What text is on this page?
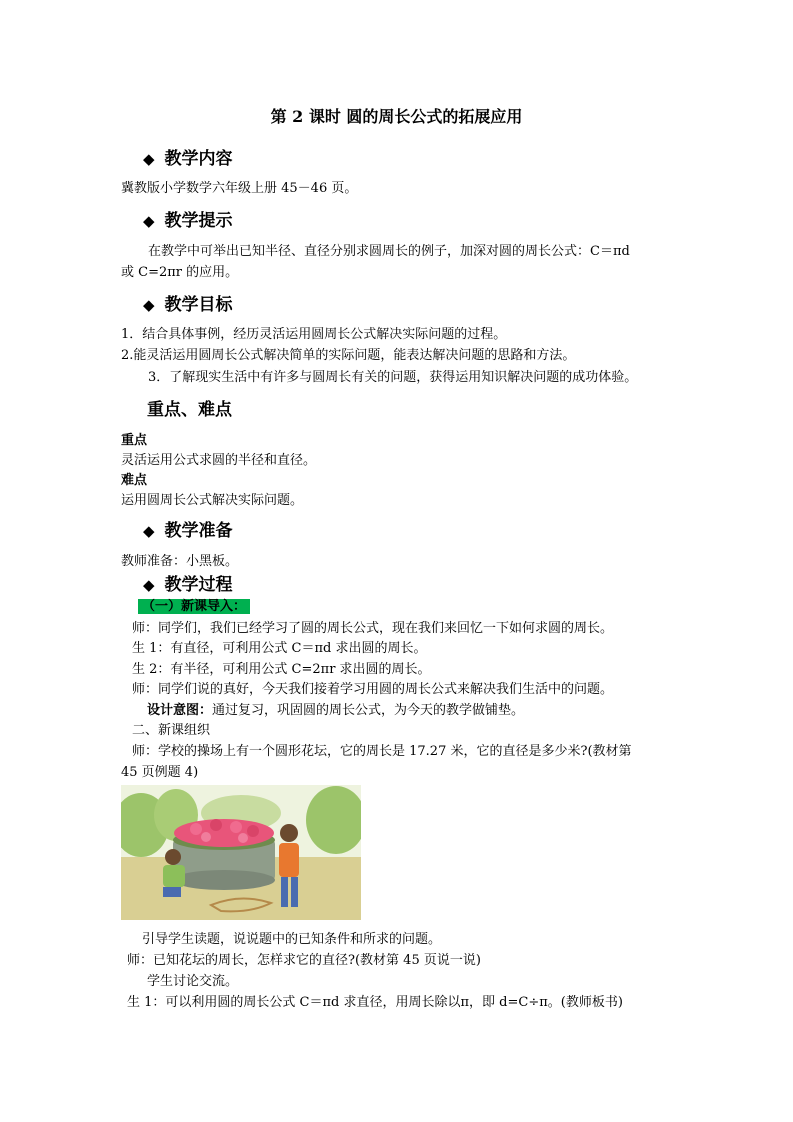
第 2 课时 圆的周长公式的拓展应用
◆ 教学内容
冀教版小学数学六年级上册 45－46 页。
◆ 教学提示
在教学中可举出已知半径、直径分别求圆周长的例子，加深对圆的周长公式：C＝πd
或 C=2πr 的应用。
◆ 教学目标
1．结合具体事例，经历灵活运用圆周长公式解决实际问题的过程。
2.能灵活运用圆周长公式解决简单的实际问题，能表达解决问题的思路和方法。
3．了解现实生活中有许多与圆周长有关的问题，获得运用知识解决问题的成功体验。
重点、难点
重点
灵活运用公式求圆的半径和直径。
难点
运用圆周长公式解决实际问题。
◆ 教学准备
教师准备：小黑板。
◆ 教学过程
（一）新课导入：
师：同学们，我们已经学习了圆的周长公式，现在我们来回忆一下如何求圆的周长。
生 1：有直径，可利用公式 C＝πd 求出圆的周长。
生 2：有半径，可利用公式 C=2πr 求出圆的周长。
师：同学们说的真好，今天我们接着学习用圆的周长公式来解决我们生活中的问题。
设计意图：通过复习，巩固圆的周长公式，为今天的教学做铺垫。
二、新课组织
师：学校的操场上有一个圆形花坛，它的周长是 17.27 米，它的直径是多少米?(教材第
45 页例题 4)
引导学生读题，说说题中的已知条件和所求的问题。
师：已知花坛的周长，怎样求它的直径?(教材第 45 页说一说)
学生讨论交流。
生 1：可以利用圆的周长公式 C＝πd 求直径，用周长除以π，即 d=C÷π。(教师板书)
